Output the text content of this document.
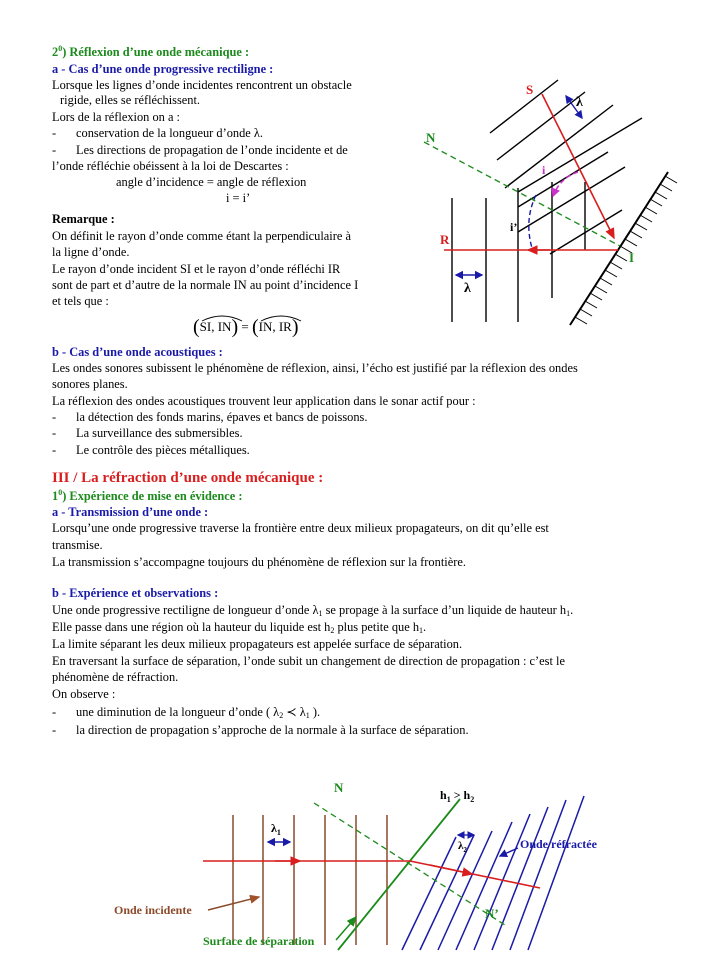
$2^0$) Réflexion d’une onde mécanique :
a - Cas d’une onde progressive rectiligne :
Lorsque les lignes d’onde incidentes rencontrent un obstacle
rigide, elles se réfléchissent.
Lors de la réflexion on a :
- conservation de la longueur d’onde λ.
- Les directions de propagation de l’onde incidente et de
l’onde réfléchie obéissent à la loi de Descartes :
angle d’incidence = angle de réflexion
i = i’
Remarque :
On définit le rayon d’onde comme étant la perpendiculaire à
la ligne d’onde.
Le rayon d’onde incident SI et le rayon d’onde réfléchi IR
sont de part et d’autre de la normale IN au point d’incidence I
et tels que :
(
SI, IN) = (
IN, IR)
S
N
R
I
i
i’
λ
λ
b - Cas d’une onde acoustiques :
Les ondes sonores subissent le phénomène de réflexion, ainsi, l’écho est justifié par la réflexion des ondes
sonores planes.
La réflexion des ondes acoustiques trouvent leur application dans le sonar actif pour :
- la détection des fonds marins, épaves et bancs de poissons.
- La surveillance des submersibles.
- Le contrôle des pièces métalliques.
III / La réfraction d’une onde mécanique :
$1^0$) Expérience de mise en évidence :
a - Transmission d’une onde :
Lorsqu’une onde progressive traverse la frontière entre deux milieux propagateurs, on dit qu’elle est
transmise.
La transmission s’accompagne toujours du phénomène de réflexion sur la frontière.
b - Expérience et observations :
Une onde progressive rectiligne de longueur d’onde $\lambda_1$ se propage à la surface d’un liquide de hauteur $h_1$.
Elle passe dans une région où la hauteur du liquide est $h_2$ plus petite que $h_1$.
La limite séparant les deux milieux propagateurs est appelée surface de séparation.
En traversant la surface de séparation, l’onde subit un changement de direction de propagation : c’est le
phénomène de réfraction.
On observe :
- une diminution de la longueur d’onde ( $\lambda_2$ ≺ $\lambda_1$ ).
- la direction de propagation s’approche de la normale à la surface de séparation.
N
N’
$h_1 > h_2$
$\lambda_1$
$\lambda_2$	Onde réfractée
Onde incidente
Surface de séparation
